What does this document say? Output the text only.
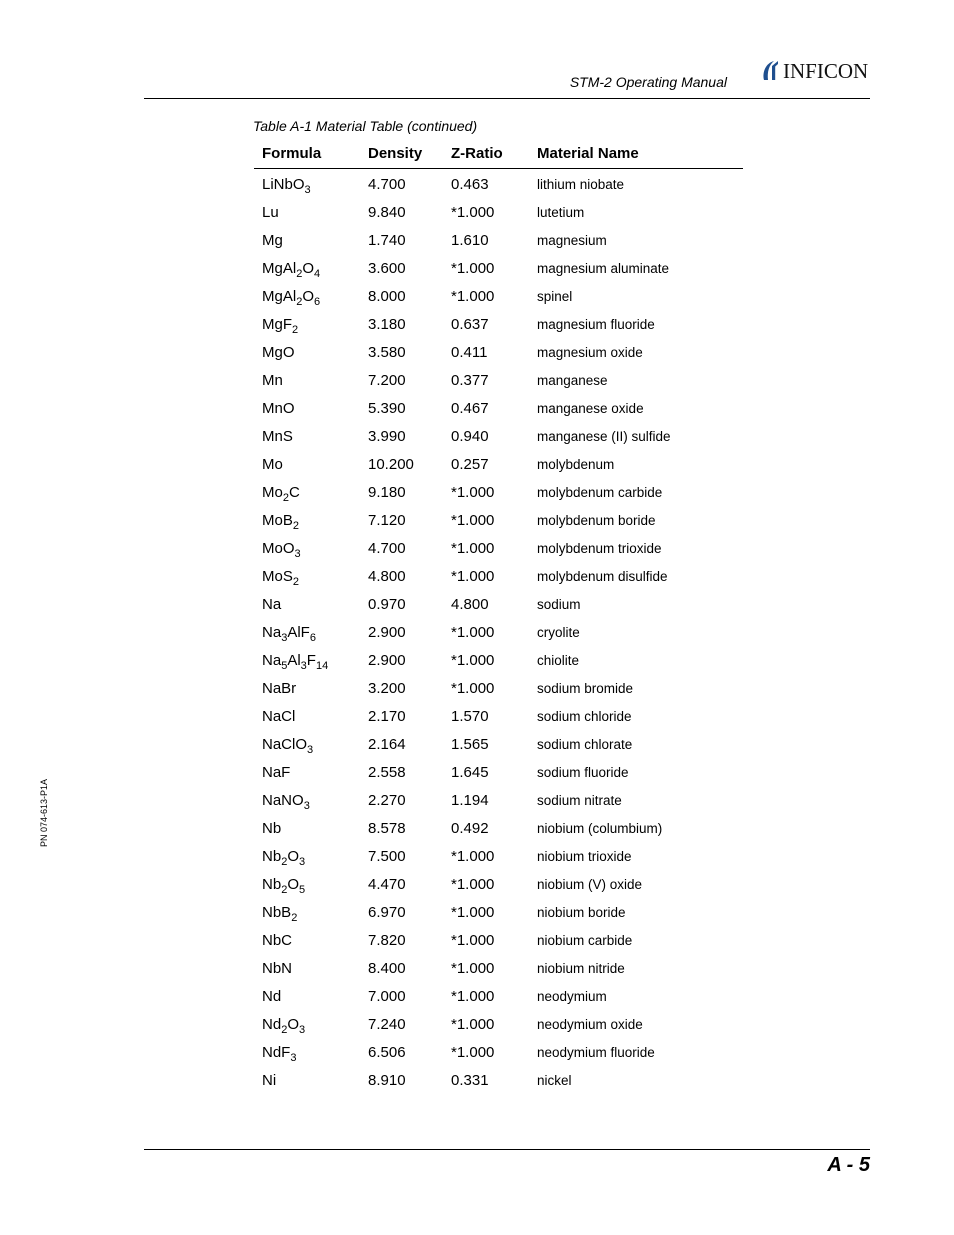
STM-2 Operating Manual	INFICON
Table A-1 Material Table (continued)
Formula	Density	Z-Ratio	Material Name
LiNbO$_3$	4.700	0.463	lithium niobate
Lu	9.840	*1.000	lutetium
Mg	1.740	1.610	magnesium
$MgAl_2O_4$	3.600	*1.000	magnesium aluminate
$MgAl_2O_6$	8.000	*1.000	spinel
MgF$_2$	3.180	0.637	magnesium fluoride
MgO	3.580	0.411	magnesium oxide
Mn	7.200	0.377	manganese
MnO	5.390	0.467	manganese oxide
MnS	3.990	0.940	manganese (II) sulfide
Mo	10.200	0.257	molybdenum
$Mo_2C$	9.180	*1.000	molybdenum carbide
MoB$_2$	7.120	*1.000	molybdenum boride
MoO$_3$	4.700	*1.000	molybdenum trioxide
MoS$_2$	4.800	*1.000	molybdenum disulfide
Na	0.970	4.800	sodium
$Na_3AlF_6$	2.900	*1.000	cryolite
$Na_5Al_3F_{14}$	2.900	*1.000	chiolite
NaBr	3.200	*1.000	sodium bromide
NaCl	2.170	1.570	sodium chloride
NaClO$_3$	2.164	1.565	sodium chlorate
NaF	2.558	1.645	sodium fluoride
NaNO$_3$	2.270	1.194	sodium nitrate
Nb	8.578	0.492	niobium (columbium)
$Nb_2O_3$	7.500	*1.000	niobium trioxide
$Nb_2O_5$	4.470	*1.000	niobium (V) oxide
NbB$_2$	6.970	*1.000	niobium boride
NbC	7.820	*1.000	niobium carbide
NbN	8.400	*1.000	niobium nitride
Nd	7.000	*1.000	neodymium
$Nd_2O_3$	7.240	*1.000	neodymium oxide
NdF$_3$	6.506	*1.000	neodymium fluoride
Ni	8.910	0.331	nickel
PN 074-613-P1A
A - 5
